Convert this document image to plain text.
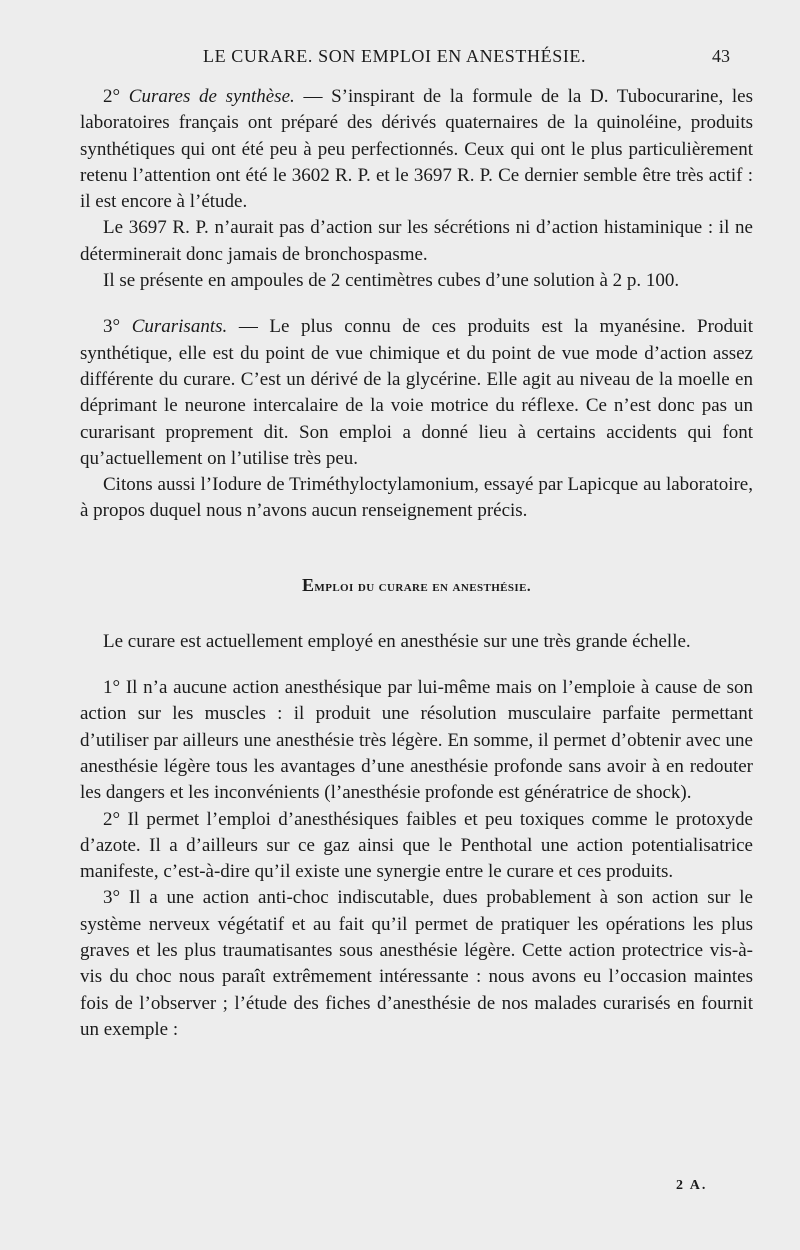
LE CURARE. SON EMPLOI EN ANESTHÉSIE.	43

2° Curares de synthèse. — S’inspirant de la formule de la D. Tubocurarine, les laboratoires français ont préparé des dérivés quaternaires de la quinoléine, produits synthétiques qui ont été peu à peu perfectionnés. Ceux qui ont le plus particulièrement retenu l’attention ont été le 3602 R. P. et le 3697 R. P. Ce dernier semble être très actif : il est encore à l’étude.

Le 3697 R. P. n’aurait pas d’action sur les sécrétions ni d’action histaminique : il ne déterminerait donc jamais de bronchospasme.

Il se présente en ampoules de 2 centimètres cubes d’une solution à 2 p. 100.

3° Curarisants. — Le plus connu de ces produits est la myanésine. Produit synthétique, elle est du point de vue chimique et du point de vue mode d’action assez différente du curare. C’est un dérivé de la glycérine. Elle agit au niveau de la moelle en déprimant le neurone intercalaire de la voie motrice du réflexe. Ce n’est donc pas un curarisant proprement dit. Son emploi a donné lieu à certains accidents qui font qu’actuellement on l’utilise très peu.

Citons aussi l’Iodure de Triméthyloctylamonium, essayé par Lapicque au laboratoire, à propos duquel nous n’avons aucun renseignement précis.

Emploi du curare en anesthésie.

Le curare est actuellement employé en anesthésie sur une très grande échelle.

1° Il n’a aucune action anesthésique par lui-même mais on l’emploie à cause de son action sur les muscles : il produit une résolution musculaire parfaite permettant d’utiliser par ailleurs une anesthésie très légère. En somme, il permet d’obtenir avec une anesthésie légère tous les avantages d’une anesthésie profonde sans avoir à en redouter les dangers et les inconvénients (l’anesthésie profonde est génératrice de shock).

2° Il permet l’emploi d’anesthésiques faibles et peu toxiques comme le protoxyde d’azote. Il a d’ailleurs sur ce gaz ainsi que le Penthotal une action potentialisatrice manifeste, c’est-à-dire qu’il existe une synergie entre le curare et ces produits.

3° Il a une action anti-choc indiscutable, dues probablement à son action sur le système nerveux végétatif et au fait qu’il permet de pratiquer les opérations les plus graves et les plus traumatisantes sous anesthésie légère. Cette action protectrice vis-à-vis du choc nous paraît extrêmement intéressante : nous avons eu l’occasion maintes fois de l’observer ; l’étude des fiches d’anesthésie de nos malades curarisés en fournit un exemple :

2 A.
